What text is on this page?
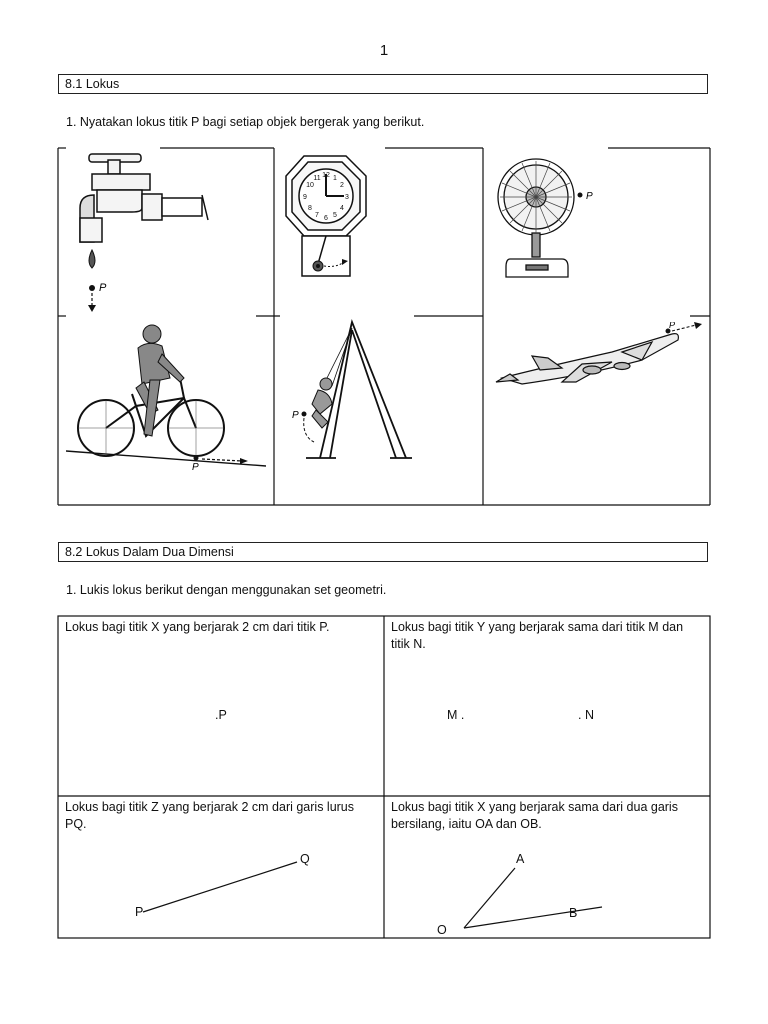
1
8.1 Lokus
1. Nyatakan lokus titik P bagi setiap objek bergerak yang berikut.
P
12 1
2
3
4
5
6
7
8
9
10
11
P
P
P
P
8.2 Lokus Dalam Dua Dimensi
1. Lukis lokus berikut dengan menggunakan set geometri.
Lokus bagi titik X yang berjarak 2 cm dari titik P.	Lokus bagi titik Y yang berjarak sama dari titik M dan titik N.
Lokus bagi titik Z yang berjarak 2 cm dari garis lurus PQ.
Lokus bagi titik X yang berjarak sama dari dua garis bersilang, iaitu OA dan OB.
.P	M .	. N
P
Q	A
B
O
